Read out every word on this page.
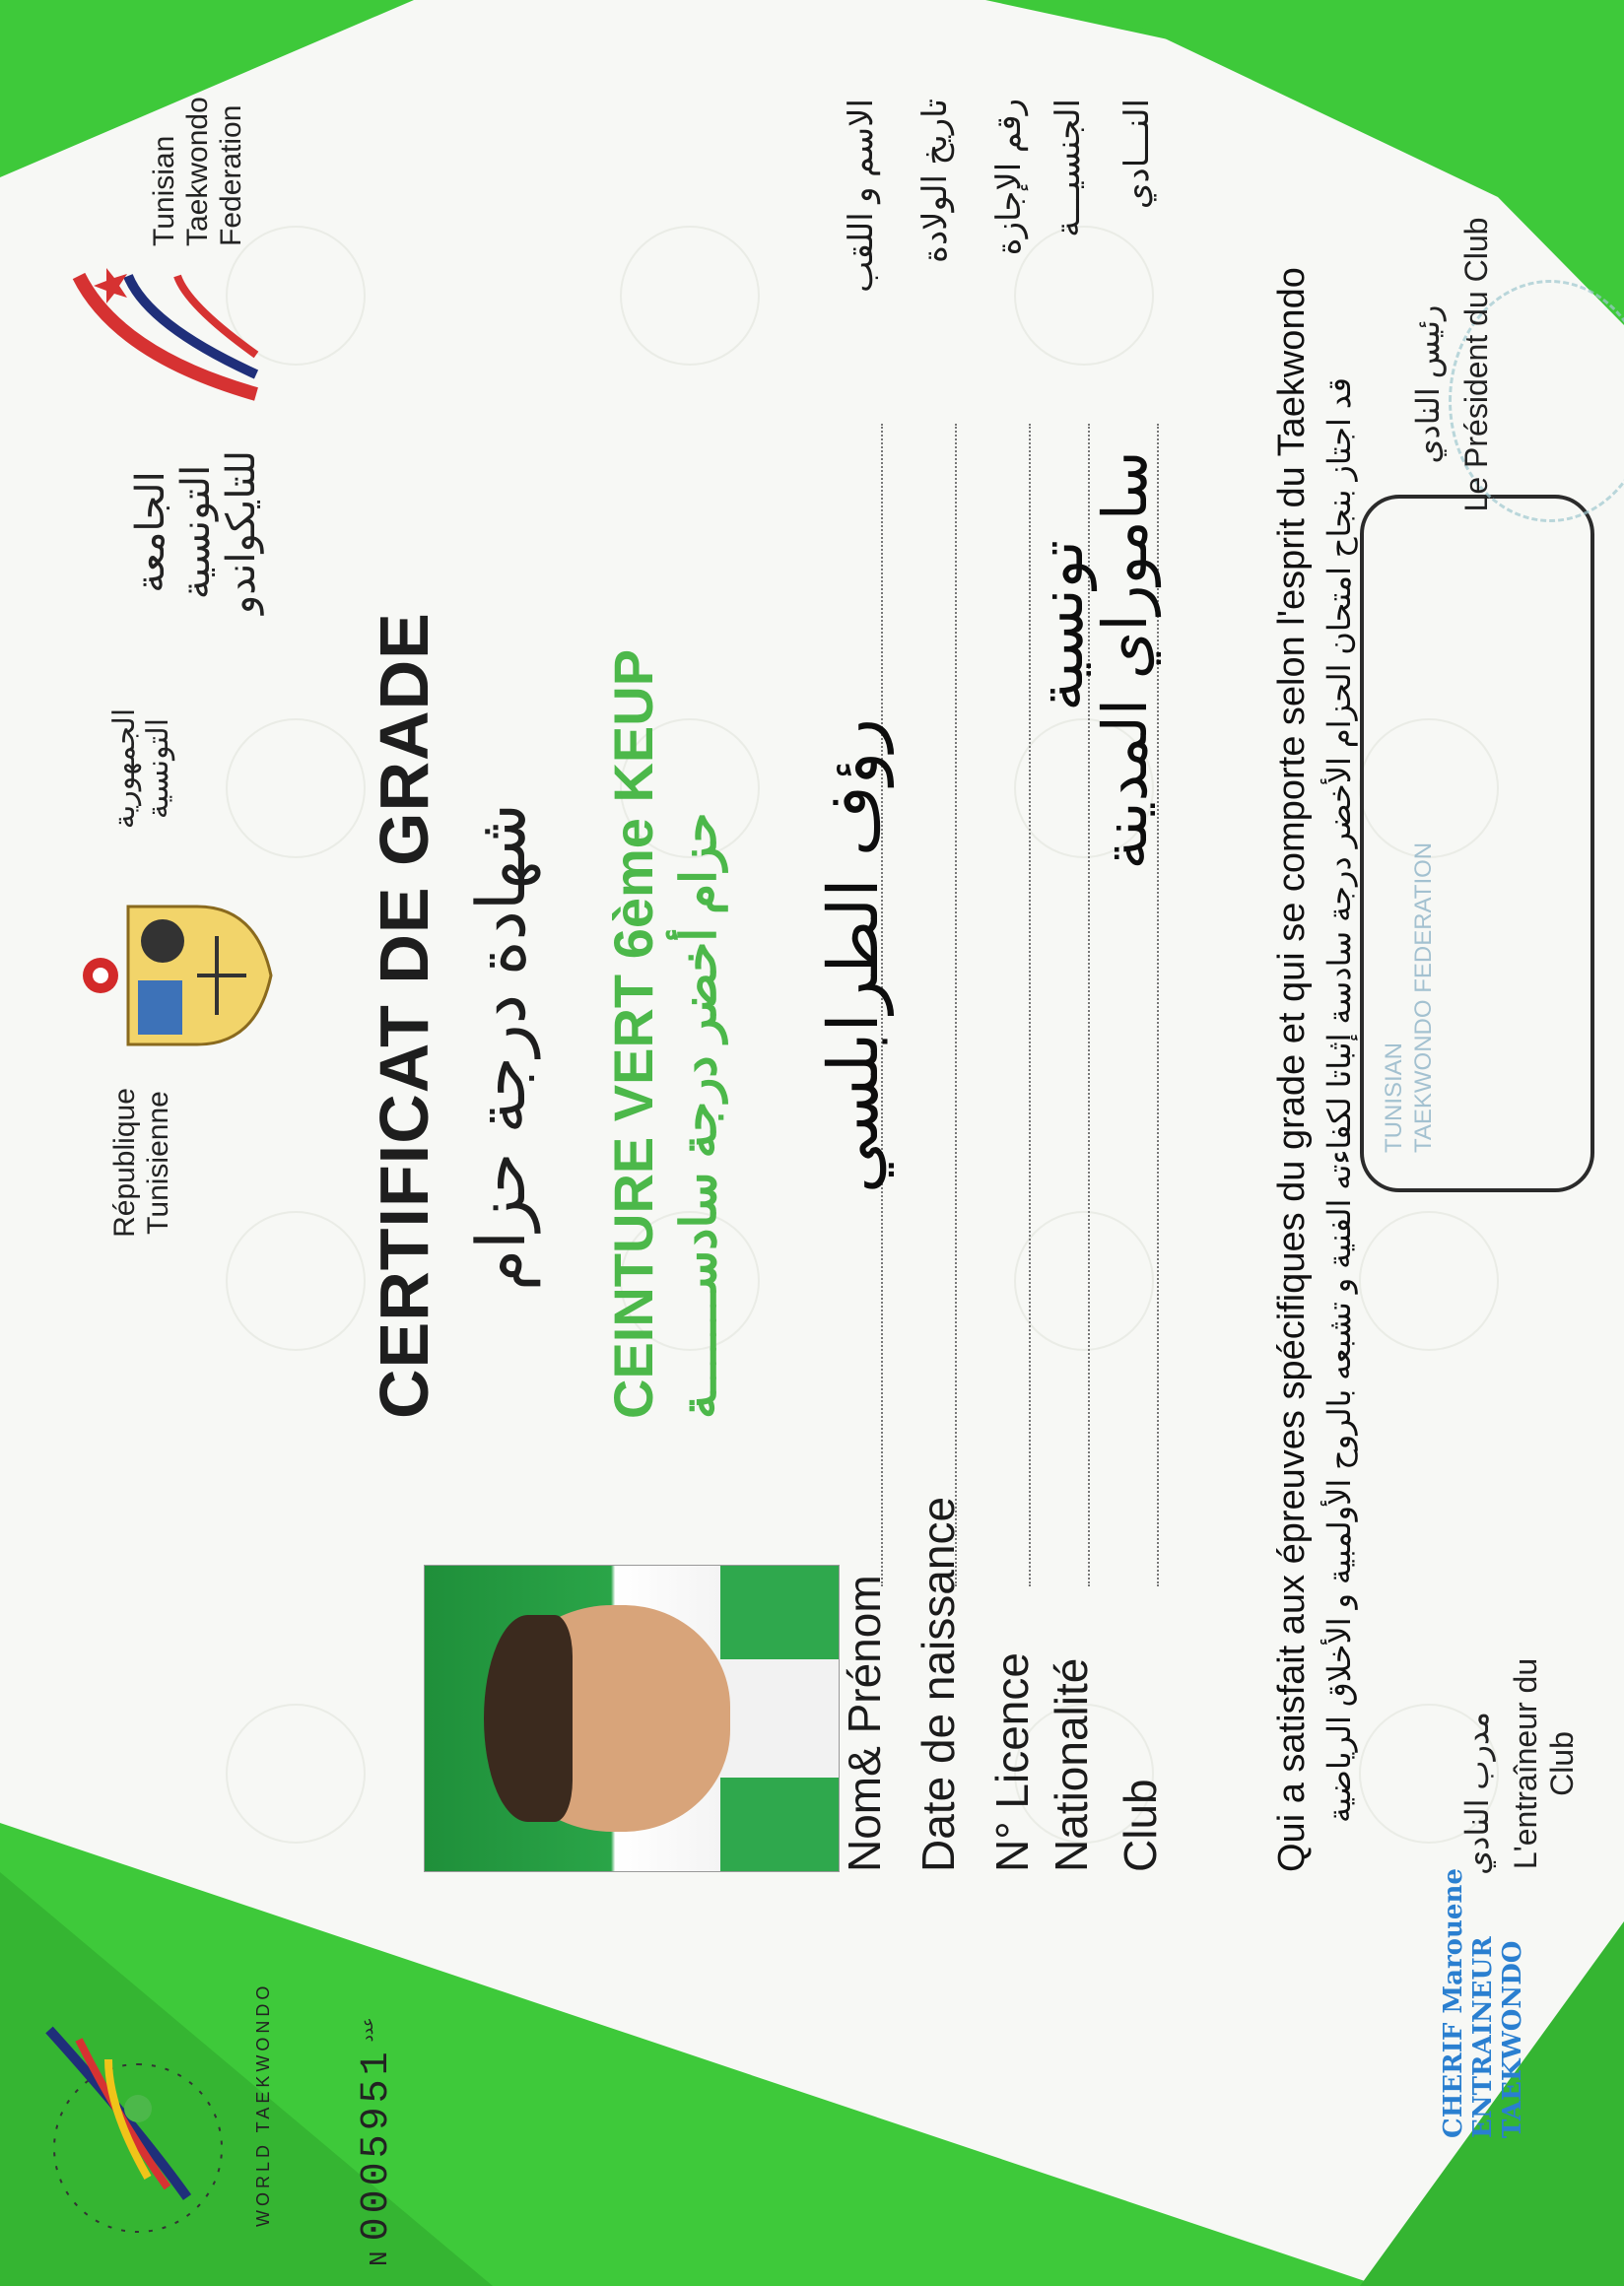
WORLD TAEKWONDO
$N0005951^{عدد}$
République Tunisienne
الجمهورية التونسية
الجامعة التونسية للتايكواندو
Tunisian Taekwondo Federation
CERTIFICAT DE GRADE شهادة درجة حزام CEINTURE VERT 6ème KEUP حزام أخضر درجة سادســـــــة
Nom& Prénom
رؤف الطرابلسي
الاسم و اللقب
Date de naissance
تاريخ الولادة
N° Licence
رقم الإجازة
Nationalité
تونسية
الجنسيـــة
Club
ساموراي المدينة
النـــادي
Qui a satisfait aux épreuves spécifiques du grade et qui se comporte selon l'esprit du Taekwondo قد اجتاز بنجاح امتحان الحزام الأخضر درجة سادسة إثباتا لكفاءته الفنية و تشبعه بالروح الأولمبية و الأخلاق الرياضية TUNISIAN TAEKWONDO FEDERATION
CHERIF Marouene ENTRAINEUR TAEKWONDO
مدرب النادي L'entraîneur du Club
رئيس النادي Le Président du Club
